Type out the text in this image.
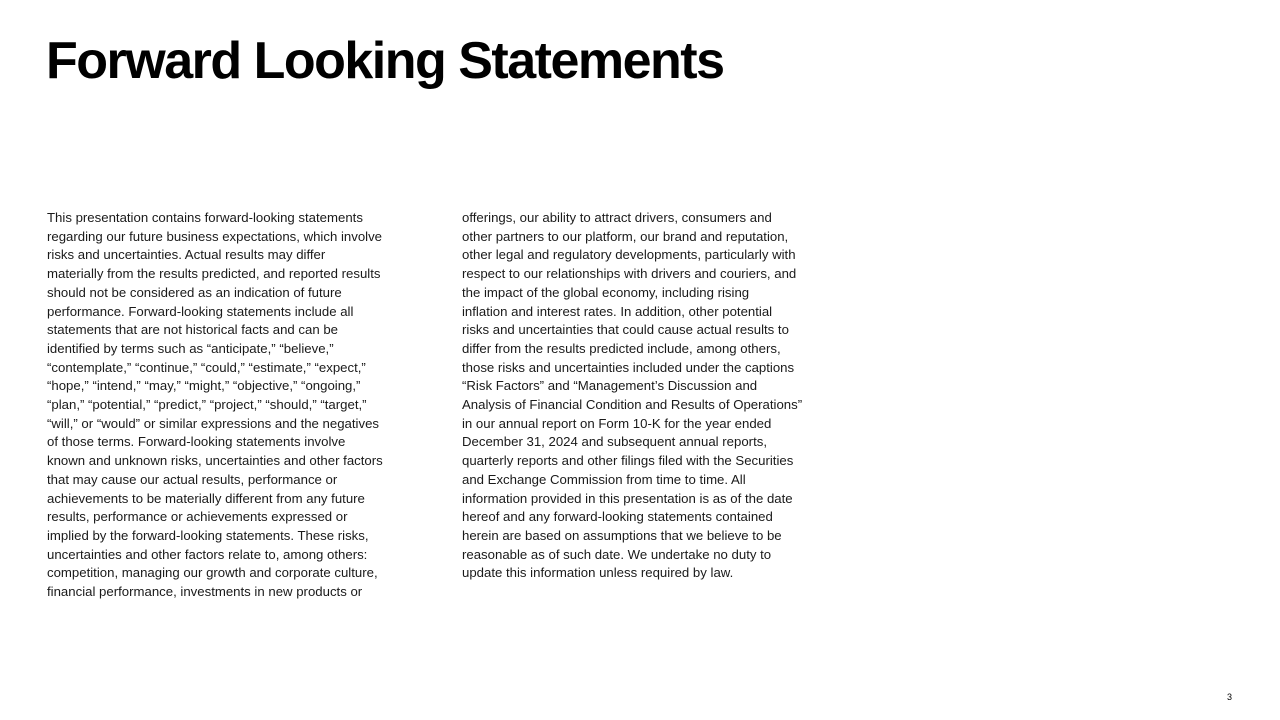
Forward Looking Statements

This presentation contains forward-looking statements
regarding our future business expectations, which involve
risks and uncertainties. Actual results may differ
materially from the results predicted, and reported results
should not be considered as an indication of future
performance. Forward-looking statements include all
statements that are not historical facts and can be
identified by terms such as “anticipate,” “believe,”
“contemplate,” “continue,” “could,” “estimate,” “expect,”
“hope,” “intend,” “may,” “might,” “objective,” “ongoing,”
“plan,” “potential,” “predict,” “project,” “should,” “target,”
“will,” or “would” or similar expressions and the negatives
of those terms. Forward-looking statements involve
known and unknown risks, uncertainties and other factors
that may cause our actual results, performance or
achievements to be materially different from any future
results, performance or achievements expressed or
implied by the forward-looking statements. These risks,
uncertainties and other factors relate to, among others:
competition, managing our growth and corporate culture,
financial performance, investments in new products or

offerings, our ability to attract drivers, consumers and
other partners to our platform, our brand and reputation,
other legal and regulatory developments, particularly with
respect to our relationships with drivers and couriers, and
the impact of the global economy, including rising
inflation and interest rates. In addition, other potential
risks and uncertainties that could cause actual results to
differ from the results predicted include, among others,
those risks and uncertainties included under the captions
“Risk Factors” and “Management’s Discussion and
Analysis of Financial Condition and Results of Operations”
in our annual report on Form 10-K for the year ended
December 31, 2024 and subsequent annual reports,
quarterly reports and other filings filed with the Securities
and Exchange Commission from time to time. All
information provided in this presentation is as of the date
hereof and any forward-looking statements contained
herein are based on assumptions that we believe to be
reasonable as of such date. We undertake no duty to
update this information unless required by law.

3
